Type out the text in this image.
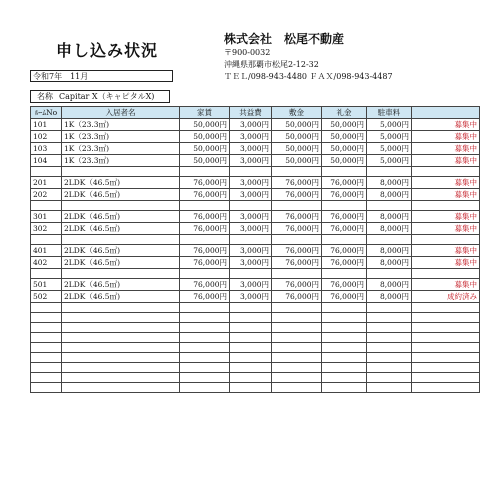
申し込み状況
株式会社　松尾不動産
〒900-0032
沖縄県那覇市松尾2-12-32
ＴＥＬ/098-943-4480 ＦＡＸ/098-943-4487
令和7年　11月
名称 Capitar X（キャピタルX)
ﾙｰﾑNo	入居者名	家賃	共益費	敷金	礼金	駐車料	
101	1K（23.3㎡)	50,000円	3,000円	50,000円	50,000円	5,000円	募集中
102	1K（23.3㎡)	50,000円	3,000円	50,000円	50,000円	5,000円	募集中
103	1K（23.3㎡)	50,000円	3,000円	50,000円	50,000円	5,000円	募集中
104	1K（23.3㎡)	50,000円	3,000円	50,000円	50,000円	5,000円	募集中

201	2LDK（46.5㎡)	76,000円	3,000円	76,000円	76,000円	8,000円	募集中
202	2LDK（46.5㎡)	76,000円	3,000円	76,000円	76,000円	8,000円	募集中

301	2LDK（46.5㎡)	76,000円	3,000円	76,000円	76,000円	8,000円	募集中
302	2LDK（46.5㎡)	76,000円	3,000円	76,000円	76,000円	8,000円	募集中

401	2LDK（46.5㎡)	76,000円	3,000円	76,000円	76,000円	8,000円	募集中
402	2LDK（46.5㎡)	76,000円	3,000円	76,000円	76,000円	8,000円	募集中

501	2LDK（46.5㎡)	76,000円	3,000円	76,000円	76,000円	8,000円	募集中
502	2LDK（46.5㎡)	76,000円	3,000円	76,000円	76,000円	8,000円	成約済み
